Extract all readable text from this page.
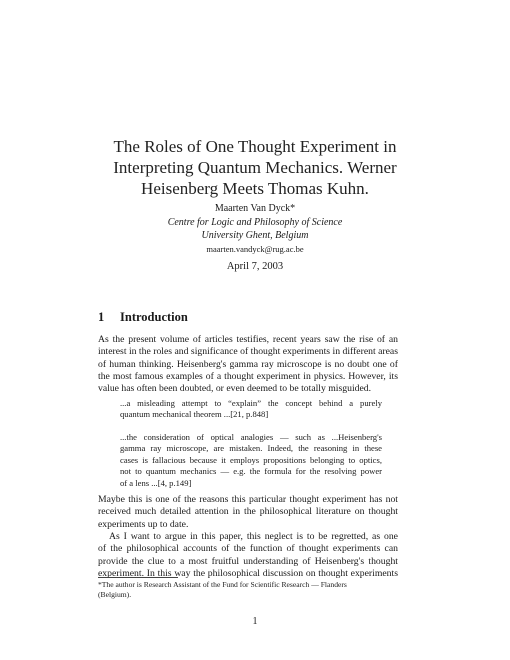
The Roles of One Thought Experiment in
Interpreting Quantum Mechanics. Werner
Heisenberg Meets Thomas Kuhn.
Maarten Van Dyck*
Centre for Logic and Philosophy of Science
University Ghent, Belgium
maarten.vandyck@rug.ac.be
April 7, 2003
1 Introduction
As the present volume of articles testifies, recent years saw the rise of an
interest in the roles and significance of thought experiments in different areas
of human thinking. Heisenberg's gamma ray microscope is no doubt one of
the most famous examples of a thought experiment in physics. However, its
value has often been doubted, or even deemed to be totally misguided.
...a misleading attempt to “explain” the concept behind a purely
quantum mechanical theorem ...[21, p.848]
...the consideration of optical analogies — such as ...Heisenberg's
gamma ray microscope, are mistaken. Indeed, the reasoning in these
cases is fallacious because it employs propositions belonging to optics,
not to quantum mechanics — e.g. the formula for the resolving power
of a lens ...[4, p.149]
Maybe this is one of the reasons this particular thought experiment has not
received much detailed attention in the philosophical literature on thought
experiments up to date.
As I want to argue in this paper, this neglect is to be regretted, as one
of the philosophical accounts of the function of thought experiments can
provide the clue to a most fruitful understanding of Heisenberg's thought
experiment. In this way the philosophical discussion on thought experiments
*The author is Research Assistant of the Fund for Scientific Research — Flanders
(Belgium).
1
